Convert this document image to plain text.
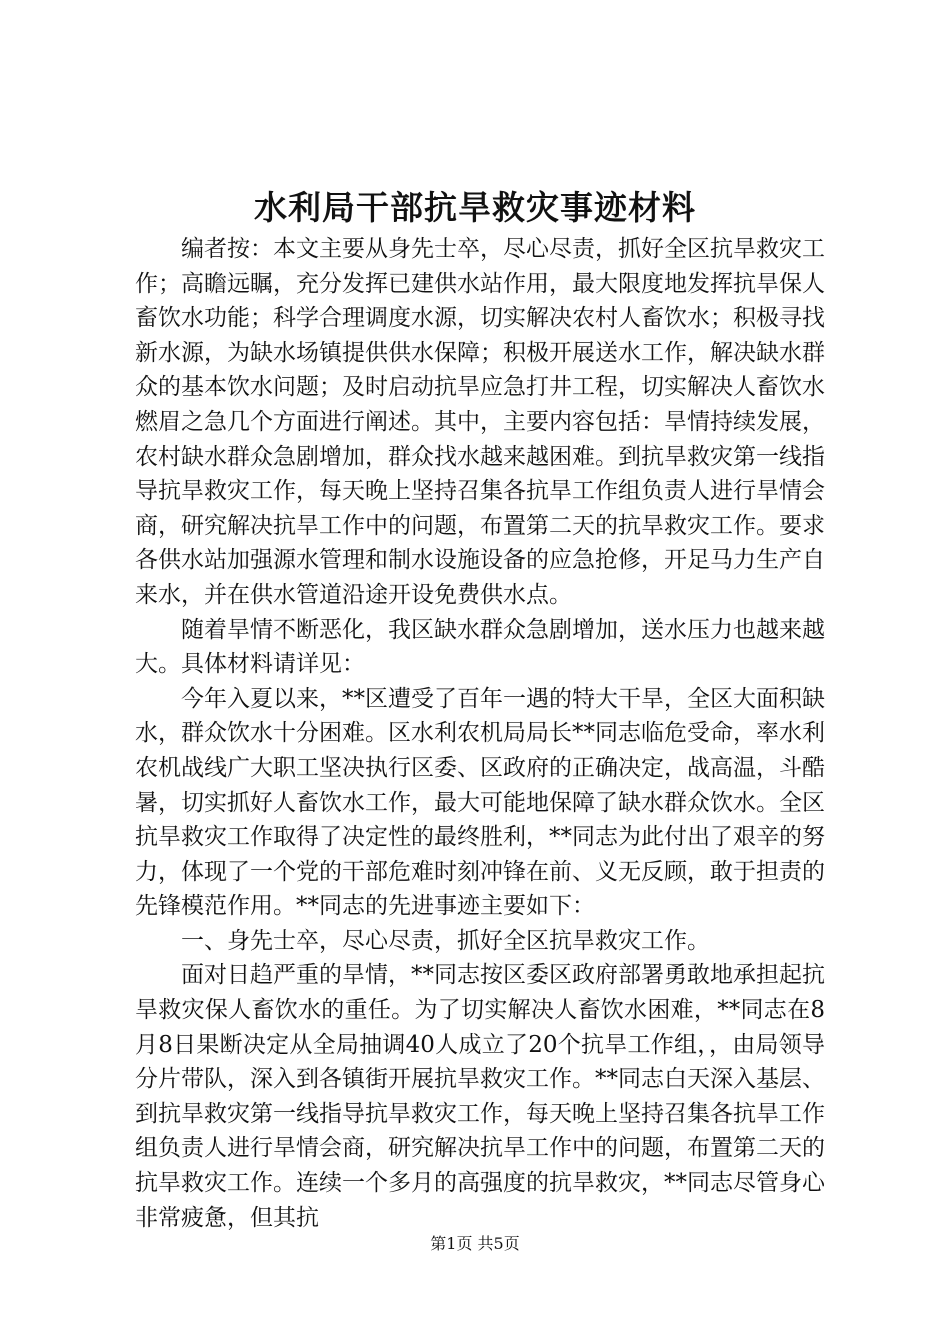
水利局干部抗旱救灾事迹材料

编者按：本文主要从身先士卒，尽心尽责，抓好全区抗旱救灾工作；高瞻远瞩，充分发挥已建供水站作用，最大限度地发挥抗旱保人畜饮水功能；科学合理调度水源，切实解决农村人畜饮水；积极寻找新水源，为缺水场镇提供供水保障；积极开展送水工作，解决缺水群众的基本饮水问题；及时启动抗旱应急打井工程，切实解决人畜饮水燃眉之急几个方面进行阐述。其中，主要内容包括：旱情持续发展，农村缺水群众急剧增加，群众找水越来越困难。到抗旱救灾第一线指导抗旱救灾工作，每天晚上坚持召集各抗旱工作组负责人进行旱情会商，研究解决抗旱工作中的问题，布置第二天的抗旱救灾工作。要求各供水站加强源水管理和制水设施设备的应急抢修，开足马力生产自来水，并在供水管道沿途开设免费供水点。

随着旱情不断恶化，我区缺水群众急剧增加，送水压力也越来越大。具体材料请详见：

今年入夏以来，**区遭受了百年一遇的特大干旱，全区大面积缺水，群众饮水十分困难。区水利农机局局长**同志临危受命，率水利农机战线广大职工坚决执行区委、区政府的正确决定，战高温，斗酷暑，切实抓好人畜饮水工作，最大可能地保障了缺水群众饮水。全区抗旱救灾工作取得了决定性的最终胜利，**同志为此付出了艰辛的努力，体现了一个党的干部危难时刻冲锋在前、义无反顾，敢于担责的先锋模范作用。**同志的先进事迹主要如下：

一、身先士卒，尽心尽责，抓好全区抗旱救灾工作。

面对日趋严重的旱情，**同志按区委区政府部署勇敢地承担起抗旱救灾保人畜饮水的重任。为了切实解决人畜饮水困难，**同志在8月8日果断决定从全局抽调40人成立了20个抗旱工作组，，由局领导分片带队，深入到各镇街开展抗旱救灾工作。**同志白天深入基层、到抗旱救灾第一线指导抗旱救灾工作，每天晚上坚持召集各抗旱工作组负责人进行旱情会商，研究解决抗旱工作中的问题，布置第二天的抗旱救灾工作。连续一个多月的高强度的抗旱救灾，**同志尽管身心非常疲惫，但其抗

第1页 共5页
